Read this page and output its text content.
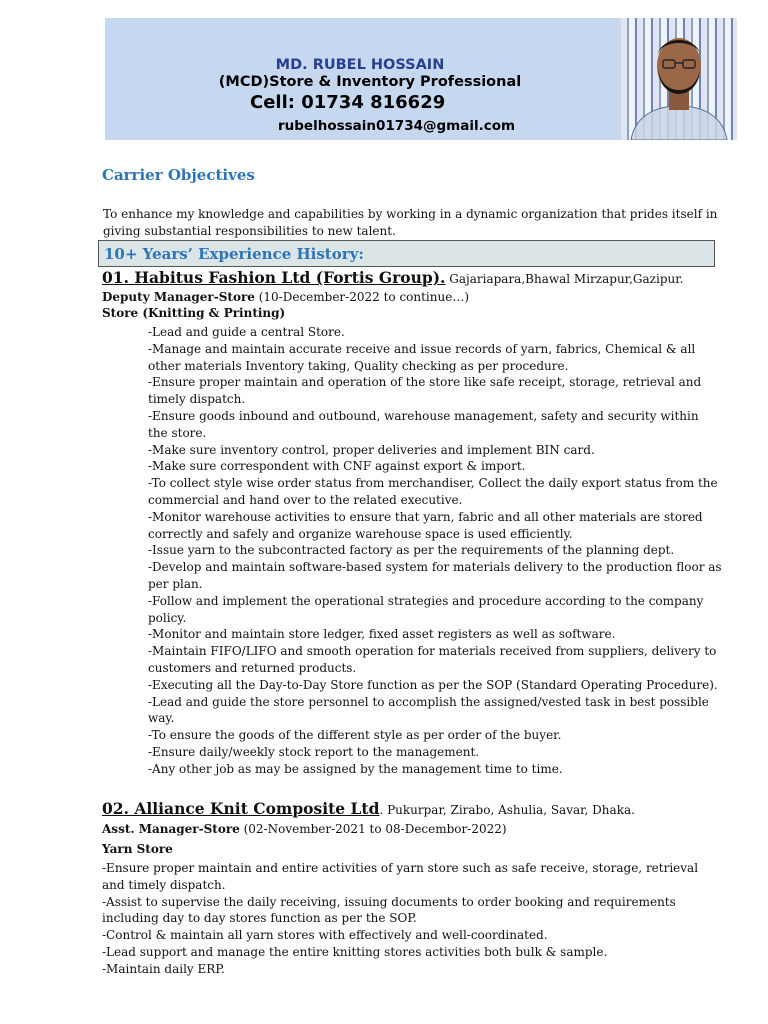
MD. RUBEL HOSSAIN
(MCD)Store & Inventory Professional
Cell: 01734 816629
rubelhossain01734@gmail.com
Carrier Objectives
To enhance my knowledge and capabilities by working in a dynamic organization that prides itself in giving substantial responsibilities to new talent.
10+ Years’ Experience History:
01. Habitus Fashion Ltd (Fortis Group). Gajariapara,Bhawal Mirzapur,Gazipur.
Deputy Manager-Store (10-December-2022 to continue…)
Store (Knitting & Printing)
-Lead and guide a central Store.
-Manage and maintain accurate receive and issue records of yarn, fabrics, Chemical & all other materials Inventory taking, Quality checking as per procedure.
-Ensure proper maintain and operation of the store like safe receipt, storage, retrieval and timely dispatch.
-Ensure goods inbound and outbound, warehouse management, safety and security within the store.
-Make sure inventory control, proper deliveries and implement BIN card.
-Make sure correspondent with CNF against export & import.
-To collect style wise order status from merchandiser, Collect the daily export status from the commercial and hand over to the related executive.
-Monitor warehouse activities to ensure that yarn, fabric and all other materials are stored correctly and safely and organize warehouse space is used efficiently.
-Issue yarn to the subcontracted factory as per the requirements of the planning dept.
-Develop and maintain software-based system for materials delivery to the production floor as per plan.
-Follow and implement the operational strategies and procedure according to the company policy.
-Monitor and maintain store ledger, fixed asset registers as well as software.
-Maintain FIFO/LIFO and smooth operation for materials received from suppliers, delivery to customers and returned products.
-Executing all the Day-to-Day Store function as per the SOP (Standard Operating Procedure).
-Lead and guide the store personnel to accomplish the assigned/vested task in best possible way.
-To ensure the goods of the different style as per order of the buyer.
-Ensure daily/weekly stock report to the management.
-Any other job as may be assigned by the management time to time.
02. Alliance Knit Composite Ltd. Pukurpar, Zirabo, Ashulia, Savar, Dhaka.
Asst. Manager-Store (02-November-2021 to 08-Decembor-2022)
Yarn Store
-Ensure proper maintain and entire activities of yarn store such as safe receive, storage, retrieval and timely dispatch.
-Assist to supervise the daily receiving, issuing documents to order booking and requirements including day to day stores function as per the SOP.
-Control & maintain all yarn stores with effectively and well-coordinated.
-Lead support and manage the entire knitting stores activities both bulk & sample.
-Maintain daily ERP.
